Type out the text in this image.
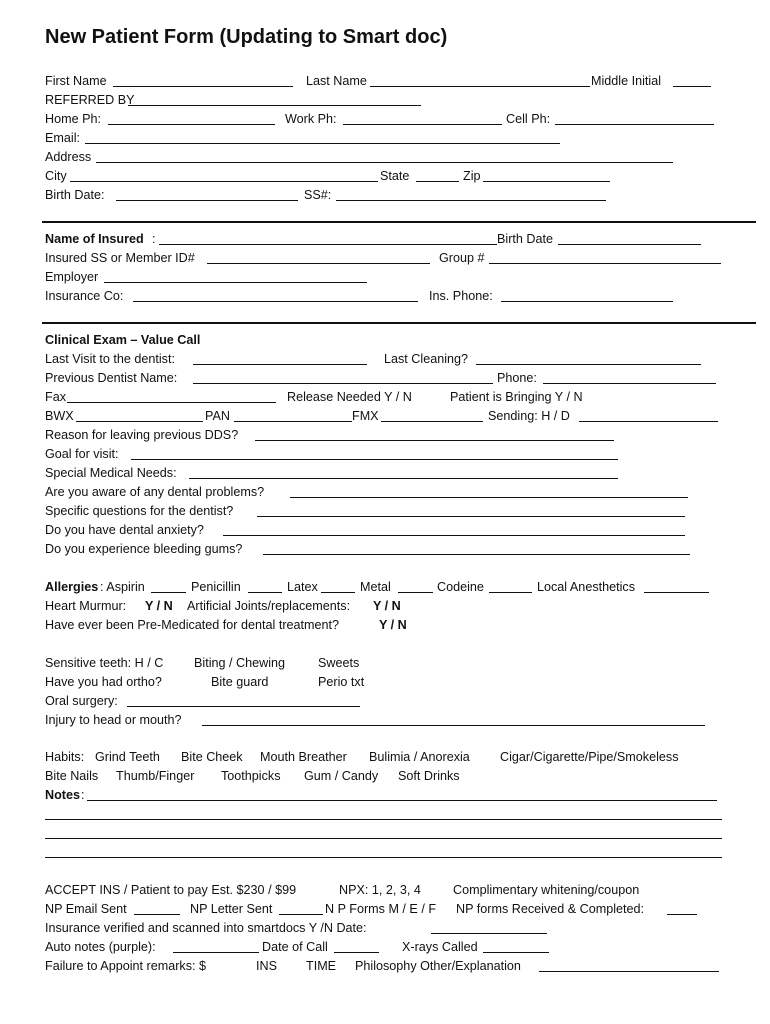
New Patient Form (Updating to Smart doc)
First Name	Last Name	Middle Initial
REFERRED BY
Home Ph:	Work Ph:	Cell Ph:
Email:
Address
City	State	Zip
Birth Date:	SS#:
Name of Insured :	Birth Date
Insured SS or Member ID#	Group #
Employer
Insurance Co:	Ins. Phone:
Clinical Exam – Value Call
Last Visit to the dentist:	Last Cleaning?
Previous Dentist Name:	Phone:
Fax	Release Needed Y / N	Patient is Bringing Y / N
BWX	PAN	FMX	Sending: H / D
Reason for leaving previous DDS?
Goal for visit:
Special Medical Needs:
Are you aware of any dental problems?
Specific questions for the dentist?
Do you have dental anxiety?
Do you experience bleeding gums?
Allergies : Aspirin	Penicillin	Latex	Metal	Codeine	Local Anesthetics
Heart Murmur: Y / N Artificial Joints/replacements: Y / N
Have ever been Pre-Medicated for dental treatment?	Y / N
Sensitive teeth: H / C Biting / Chewing	Sweets
Have you had ortho?	Bite guard	Perio txt
Oral surgery:
Injury to head or mouth?
Habits: Grind Teeth Bite Cheek Mouth Breather Bulimia / Anorexia Cigar/Cigarette/Pipe/Smokeless
Bite Nails Thumb/Finger Toothpicks Gum / Candy Soft Drinks
Notes :
ACCEPT INS / Patient to pay Est. $230 / $99	NPX: 1, 2, 3, 4	Complimentary whitening/coupon
NP Email Sent	NP Letter Sent	N P Forms M / E / F NP forms Received & Completed:
Insurance verified and scanned into smartdocs Y /N Date:
Auto notes (purple):	Date of Call	X-rays Called
Failure to Appoint remarks: $	INS TIME Philosophy Other/Explanation
